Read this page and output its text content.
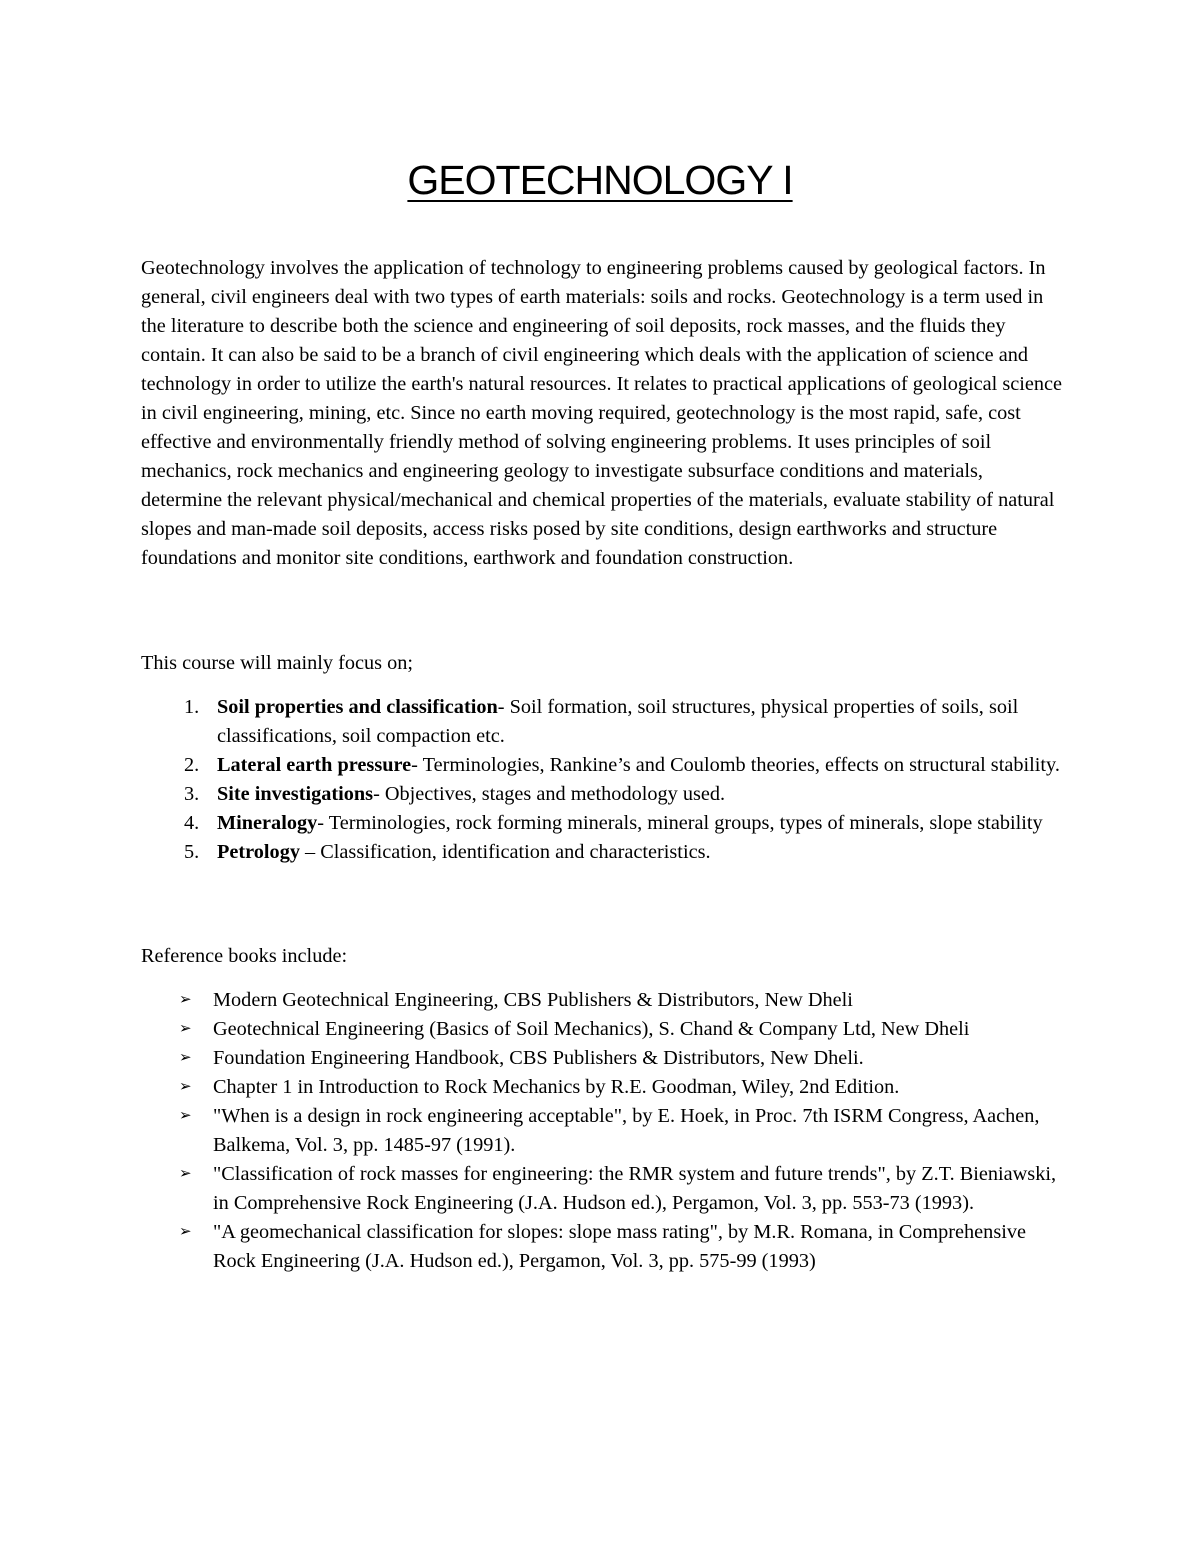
GEOTECHNOLOGY I

Geotechnology involves the application of technology to engineering problems caused by geological factors. In general, civil engineers deal with two types of earth materials: soils and rocks. Geotechnology is a term used in the literature to describe both the science and engineering of soil deposits, rock masses, and the fluids they contain. It can also be said to be a branch of civil engineering which deals with the application of science and technology in order to utilize the earth's natural resources. It relates to practical applications of geological science in civil engineering, mining, etc. Since no earth moving required, geotechnology is the most rapid, safe, cost effective and environmentally friendly method of solving engineering problems. It uses principles of soil mechanics, rock mechanics and engineering geology to investigate subsurface conditions and materials, determine the relevant physical/mechanical and chemical properties of the materials, evaluate stability of natural slopes and man-made soil deposits, access risks posed by site conditions, design earthworks and structure foundations and monitor site conditions, earthwork and foundation construction.

This course will mainly focus on;

1. Soil properties and classification- Soil formation, soil structures, physical properties of soils, soil classifications, soil compaction etc.
2. Lateral earth pressure- Terminologies, Rankine’s and Coulomb theories, effects on structural stability.
3. Site investigations- Objectives, stages and methodology used.
4. Mineralogy- Terminologies, rock forming minerals, mineral groups, types of minerals, slope stability
5. Petrology – Classification, identification and characteristics.

Reference books include:

➢ Modern Geotechnical Engineering, CBS Publishers & Distributors, New Dheli
➢ Geotechnical Engineering (Basics of Soil Mechanics), S. Chand & Company Ltd, New Dheli
➢ Foundation Engineering Handbook, CBS Publishers & Distributors, New Dheli.
➢ Chapter 1 in Introduction to Rock Mechanics by R.E. Goodman, Wiley, 2nd Edition.
➢ "When is a design in rock engineering acceptable", by E. Hoek, in Proc. 7th ISRM Congress, Aachen, Balkema, Vol. 3, pp. 1485-97 (1991).
➢ "Classification of rock masses for engineering: the RMR system and future trends", by Z.T. Bieniawski, in Comprehensive Rock Engineering (J.A. Hudson ed.), Pergamon, Vol. 3, pp. 553-73 (1993).
➢ "A geomechanical classification for slopes: slope mass rating", by M.R. Romana, in Comprehensive Rock Engineering (J.A. Hudson ed.), Pergamon, Vol. 3, pp. 575-99 (1993)
